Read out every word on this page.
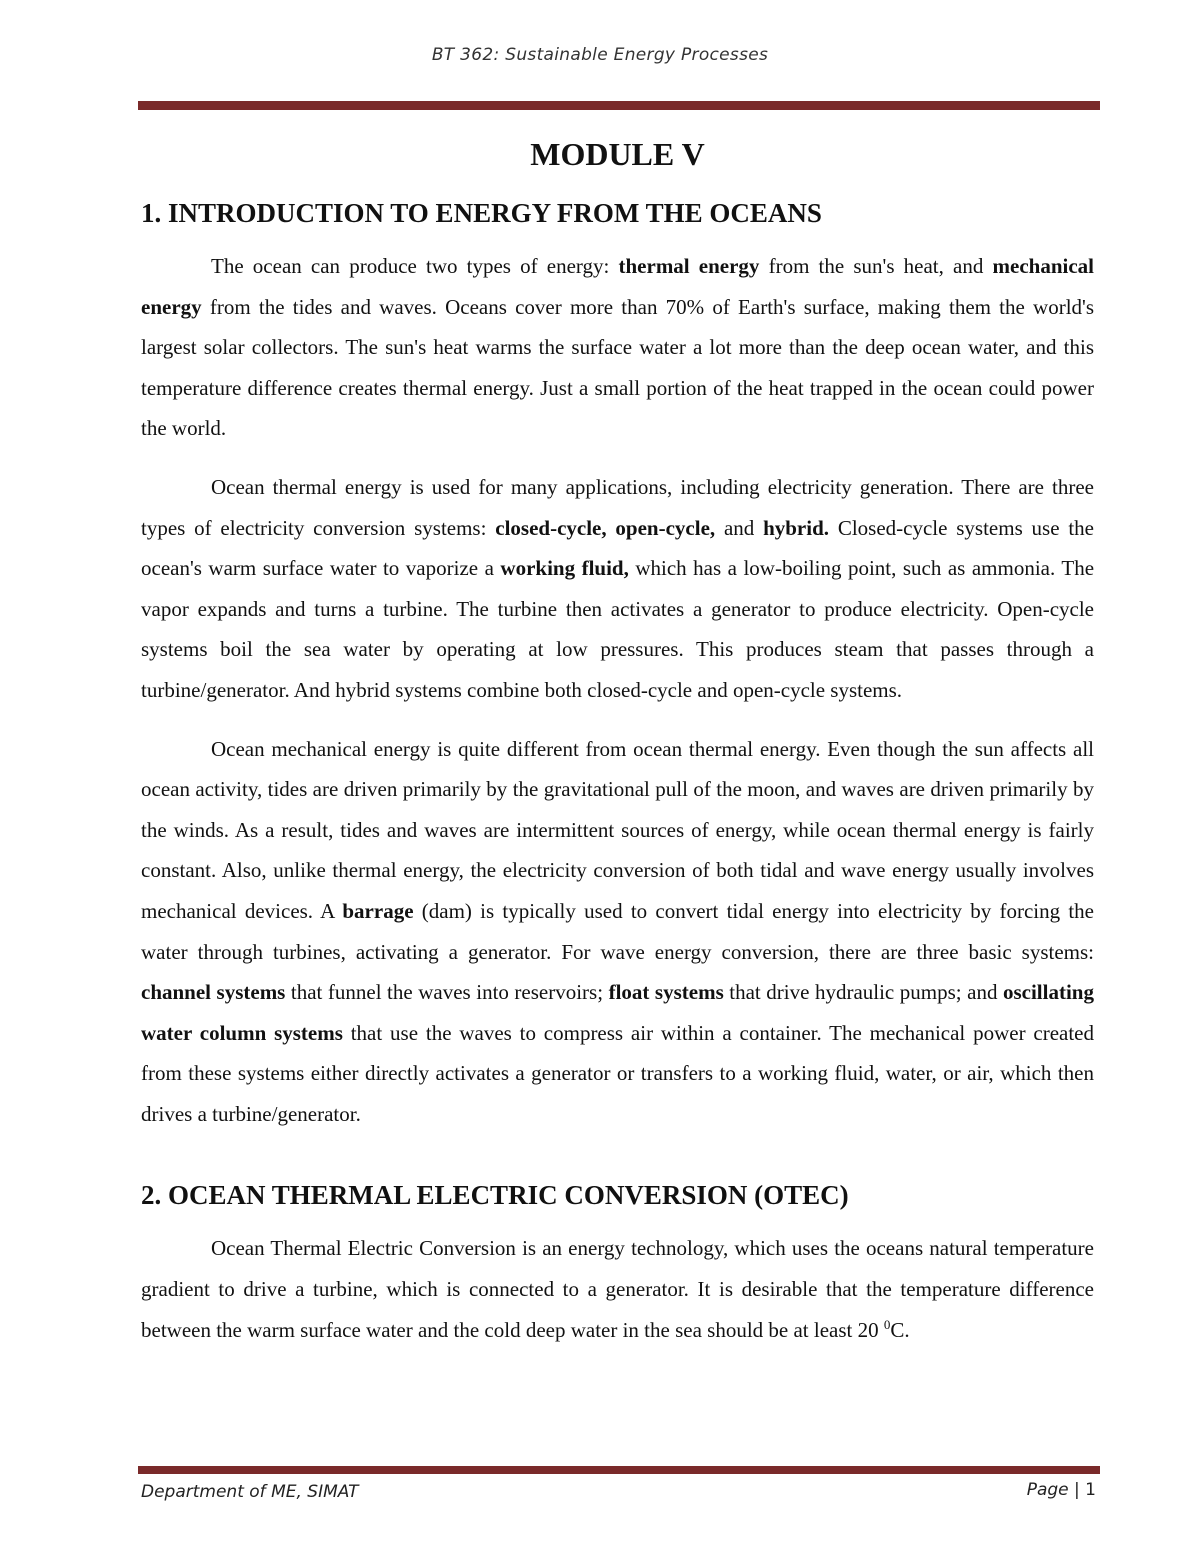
BT 362: Sustainable Energy Processes
MODULE V
1. INTRODUCTION TO ENERGY FROM THE OCEANS

The ocean can produce two types of energy: thermal energy from the sun's heat, and mechanical energy from the tides and waves. Oceans cover more than 70% of Earth's surface, making them the world's largest solar collectors. The sun's heat warms the surface water a lot more than the deep ocean water, and this temperature difference creates thermal energy. Just a small portion of the heat trapped in the ocean could power the world.

Ocean thermal energy is used for many applications, including electricity generation. There are three types of electricity conversion systems: closed-cycle, open-cycle, and hybrid. Closed-cycle systems use the ocean's warm surface water to vaporize a working fluid, which has a low-boiling point, such as ammonia. The vapor expands and turns a turbine. The turbine then activates a generator to produce electricity. Open-cycle systems boil the sea water by operating at low pressures. This produces steam that passes through a turbine/generator. And hybrid systems combine both closed-cycle and open-cycle systems.

Ocean mechanical energy is quite different from ocean thermal energy. Even though the sun affects all ocean activity, tides are driven primarily by the gravitational pull of the moon, and waves are driven primarily by the winds. As a result, tides and waves are intermittent sources of energy, while ocean thermal energy is fairly constant. Also, unlike thermal energy, the electricity conversion of both tidal and wave energy usually involves mechanical devices. A barrage (dam) is typically used to convert tidal energy into electricity by forcing the water through turbines, activating a generator. For wave energy conversion, there are three basic systems: channel systems that funnel the waves into reservoirs; float systems that drive hydraulic pumps; and oscillating water column systems that use the waves to compress air within a container. The mechanical power created from these systems either directly activates a generator or transfers to a working fluid, water, or air, which then drives a turbine/generator.

2. OCEAN THERMAL ELECTRIC CONVERSION (OTEC)

Ocean Thermal Electric Conversion is an energy technology, which uses the oceans natural temperature gradient to drive a turbine, which is connected to a generator. It is desirable that the temperature difference between the warm surface water and the cold deep water in the sea should be at least 20 $^0$C.

Department of ME, SIMAT	Page | 1
